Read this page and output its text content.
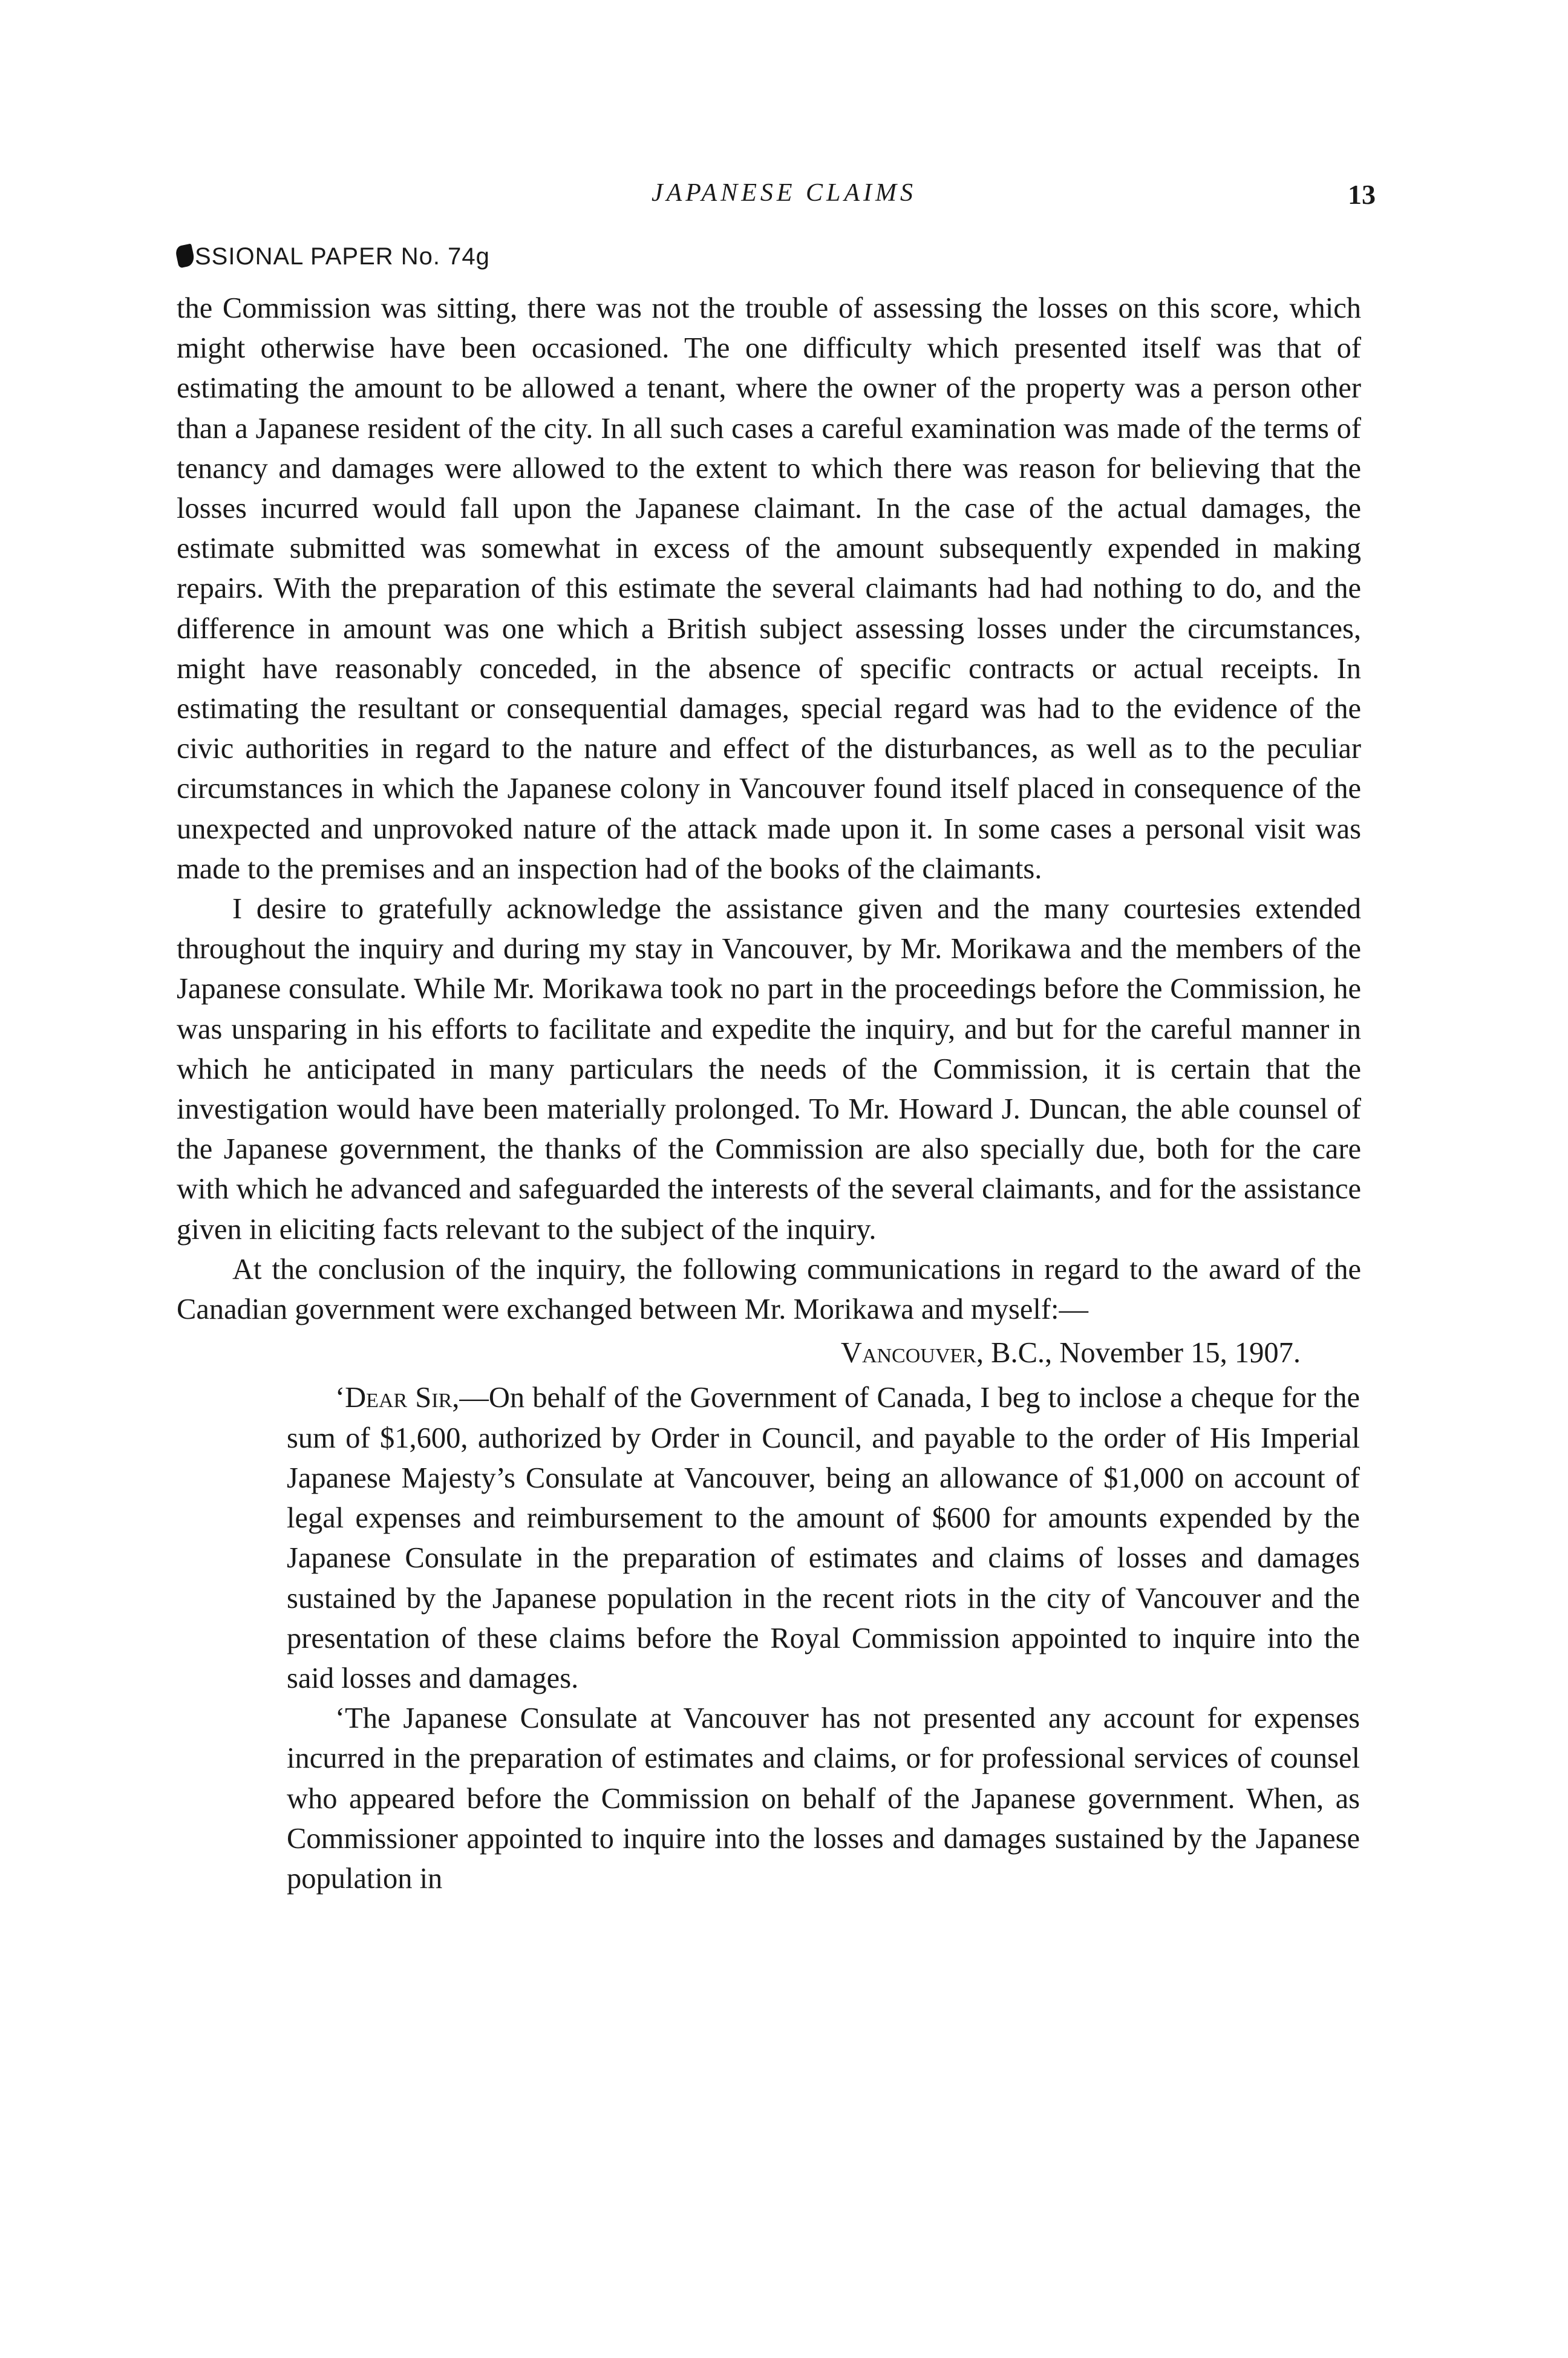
JAPANESE CLAIMS	13
SSIONAL PAPER No. 74g

the Commission was sitting, there was not the trouble of assessing the losses on this score, which might otherwise have been occasioned. The one difficulty which presented itself was that of estimating the amount to be allowed a tenant, where the owner of the property was a person other than a Japanese resident of the city. In all such cases a careful examination was made of the terms of tenancy and damages were allowed to the extent to which there was reason for believing that the losses incurred would fall upon the Japanese claimant. In the case of the actual damages, the estimate submitted was somewhat in excess of the amount subsequently expended in making repairs. With the preparation of this estimate the several claimants had had nothing to do, and the difference in amount was one which a British subject assessing losses under the circumstances, might have reasonably conceded, in the absence of specific contracts or actual receipts. In estimating the resultant or consequential damages, special regard was had to the evidence of the civic authorities in regard to the nature and effect of the disturbances, as well as to the peculiar circumstances in which the Japanese colony in Vancouver found itself placed in consequence of the unexpected and unprovoked nature of the attack made upon it. In some cases a personal visit was made to the premises and an inspection had of the books of the claimants.

I desire to gratefully acknowledge the assistance given and the many courtesies extended throughout the inquiry and during my stay in Vancouver, by Mr. Morikawa and the members of the Japanese consulate. While Mr. Morikawa took no part in the proceedings before the Commission, he was unsparing in his efforts to facilitate and expedite the inquiry, and but for the careful manner in which he anticipated in many particulars the needs of the Commission, it is certain that the investigation would have been materially prolonged. To Mr. Howard J. Duncan, the able counsel of the Japanese government, the thanks of the Commission are also specially due, both for the care with which he advanced and safeguarded the interests of the several claimants, and for the assistance given in eliciting facts relevant to the subject of the inquiry.

At the conclusion of the inquiry, the following communications in regard to the award of the Canadian government were exchanged between Mr. Morikawa and myself:—

Vancouver, B.C., November 15, 1907.

‘Dear Sir,—On behalf of the Government of Canada, I beg to inclose a cheque for the sum of $1,600, authorized by Order in Council, and payable to the order of His Imperial Japanese Majesty’s Consulate at Vancouver, being an allowance of $1,000 on account of legal expenses and reimbursement to the amount of $600 for amounts expended by the Japanese Consulate in the preparation of estimates and claims of losses and damages sustained by the Japanese population in the recent riots in the city of Vancouver and the presentation of these claims before the Royal Commission appointed to inquire into the said losses and damages.

‘The Japanese Consulate at Vancouver has not presented any account for expenses incurred in the preparation of estimates and claims, or for professional services of counsel who appeared before the Commission on behalf of the Japanese government. When, as Commissioner appointed to inquire into the losses and damages sustained by the Japanese population in
